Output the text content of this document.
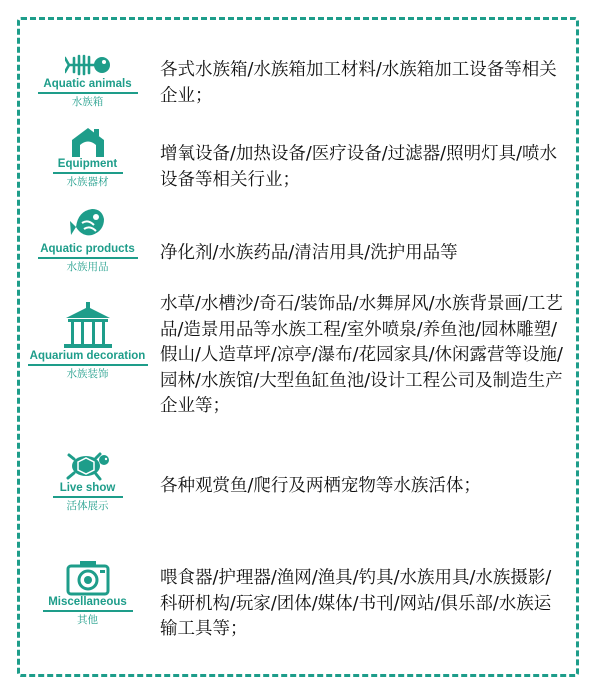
Aquatic animals
水族箱
各式水族箱/水族箱加工材料/水族箱加工设备等相关企业；
Equipment
水族器材
增氧设备/加热设备/医疗设备/过滤器/照明灯具/喷水设备等相关行业；
Aquatic products
水族用品
净化剂/水族药品/清洁用具/洗护用品等
Aquarium decoration
水族装饰
水草/水槽沙/奇石/装饰品/水舞屏风/水族背景画/工艺品/造景用品等水族工程/室外喷泉/养鱼池/园林雕塑/假山/人造草坪/凉亭/瀑布/花园家具/休闲露营等设施/园林/水族馆/大型鱼缸鱼池/设计工程公司及制造生产企业等；
Live show
活体展示
各种观赏鱼/爬行及两栖宠物等水族活体；
Miscellaneous
其他
喂食器/护理器/渔网/渔具/钓具/水族用具/水族摄影/科研机构/玩家/团体/媒体/书刊/网站/俱乐部/水族运输工具等；
